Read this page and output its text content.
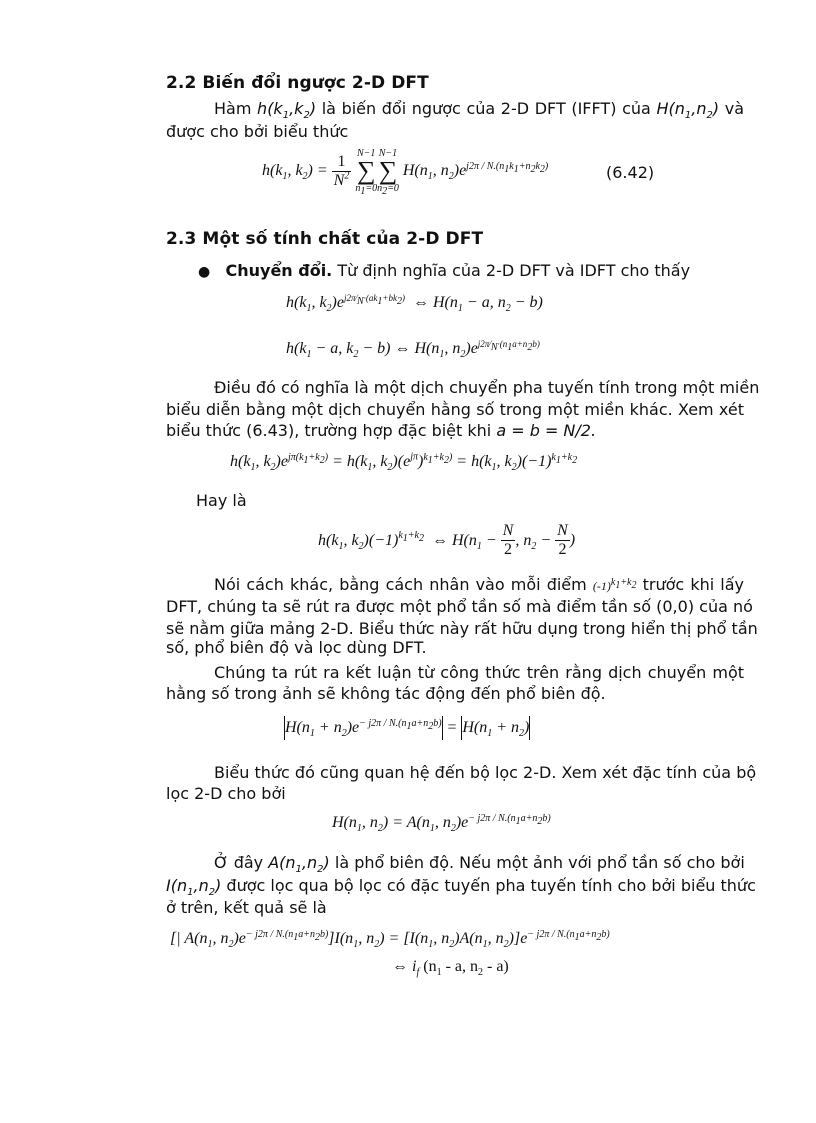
2.2 Biến đổi ngược 2-D DFT
Hàm $h(k_1,k_2)$ là biến đổi ngược của 2-D DFT (IFFT) của $H(n_1,n_2)$ và
được cho bởi biểu thức
$h(k_1$, $k_2) = \frac{1}{N^2}$
N−1
∑
$n_1=0$
N−1
∑
$n_2=0$
$H(n_1$, $n_2)e^{j2\pi / N.(n_1k_1+n_2k_2)}$	(6.42)
2.3 Một số tính chất của 2-D DFT
● Chuyển đổi. Từ định nghĩa của 2-D DFT và IDFT cho thấy
$h(k_1$, $k_2)e^{j2\pi⁄_N\cdot(ak_1+bk_2)}$  ⇔ $H(n_1 - a$, $n_2 - b$)
$h(k_1 - a$, $k_2 - b$) ⇔ $H(n_1$, $n_2)e^{j2\pi⁄_N\cdot(n_1a+n_2b)}$
Điều đó có nghĩa là một dịch chuyển pha tuyến tính trong một miền
biểu diễn bằng một dịch chuyển hằng số trong một miền khác. Xem xét
biểu thức (6.43), trường hợp đặc biệt khi a = b = N/2.
$h(k_1$, $k_2)e^{j\pi(k_1+k_2)} = h(k_1$, $k_2)(e^{j\pi})^{k_1+k_2)} = h(k_1$, $k_2)(-1)^{k_1+k_2}$
Hay là
$h(k_1$, $k_2)(-1)^{k_1+k_2}$  ⇔ $H(n_1 - \frac{N}{2}$ , $n_2 - \frac{N}{2}$ )
Nói cách khác, bằng cách nhân vào mỗi điểm $(-1)^{k_1+k_2}$ trước khi lấy
DFT, chúng ta sẽ rút ra được một phổ tần số mà điểm tần số (0,0) của nó
sẽ nằm giữa mảng 2-D. Biểu thức này rất hữu dụng trong hiển thị phổ tần
số, phổ biên độ và lọc dùng DFT.
Chúng ta rút ra kết luận từ công thức trên rằng dịch chuyển một
hằng số trong ảnh sẽ không tác động đến phổ biên độ.
$H(n_1 + n_2)e^{- j2\pi / N.(n_1a+n_2b)} = H(n_1 + n_2)$
Biểu thức đó cũng quan hệ đến bộ lọc 2-D. Xem xét đặc tính của bộ
lọc 2-D cho bởi
$H(n_1$, $n_2) = A(n_1$, $n_2)e^{- j2\pi / N.(n_1a+n_2b)}$
Ở đây $A(n_1,n_2)$ là phổ biên độ. Nếu một ảnh với phổ tần số cho bởi
$I(n_1,n_2)$ được lọc qua bộ lọc có đặc tuyến pha tuyến tính cho bởi biểu thức
ở trên, kết quả sẽ là
[| $A(n_1$, $n_2)e^{- j2\pi / N.(n_1a+n_2b)}]I(n_1$, $n_2) = [I(n_1$, $n_2)A(n_1$, $n_2)]e^{- j2\pi / N.(n_1a+n_2b)}$
⇔ $i_f$ ($n_1$ - a, $n_2 - a$)
